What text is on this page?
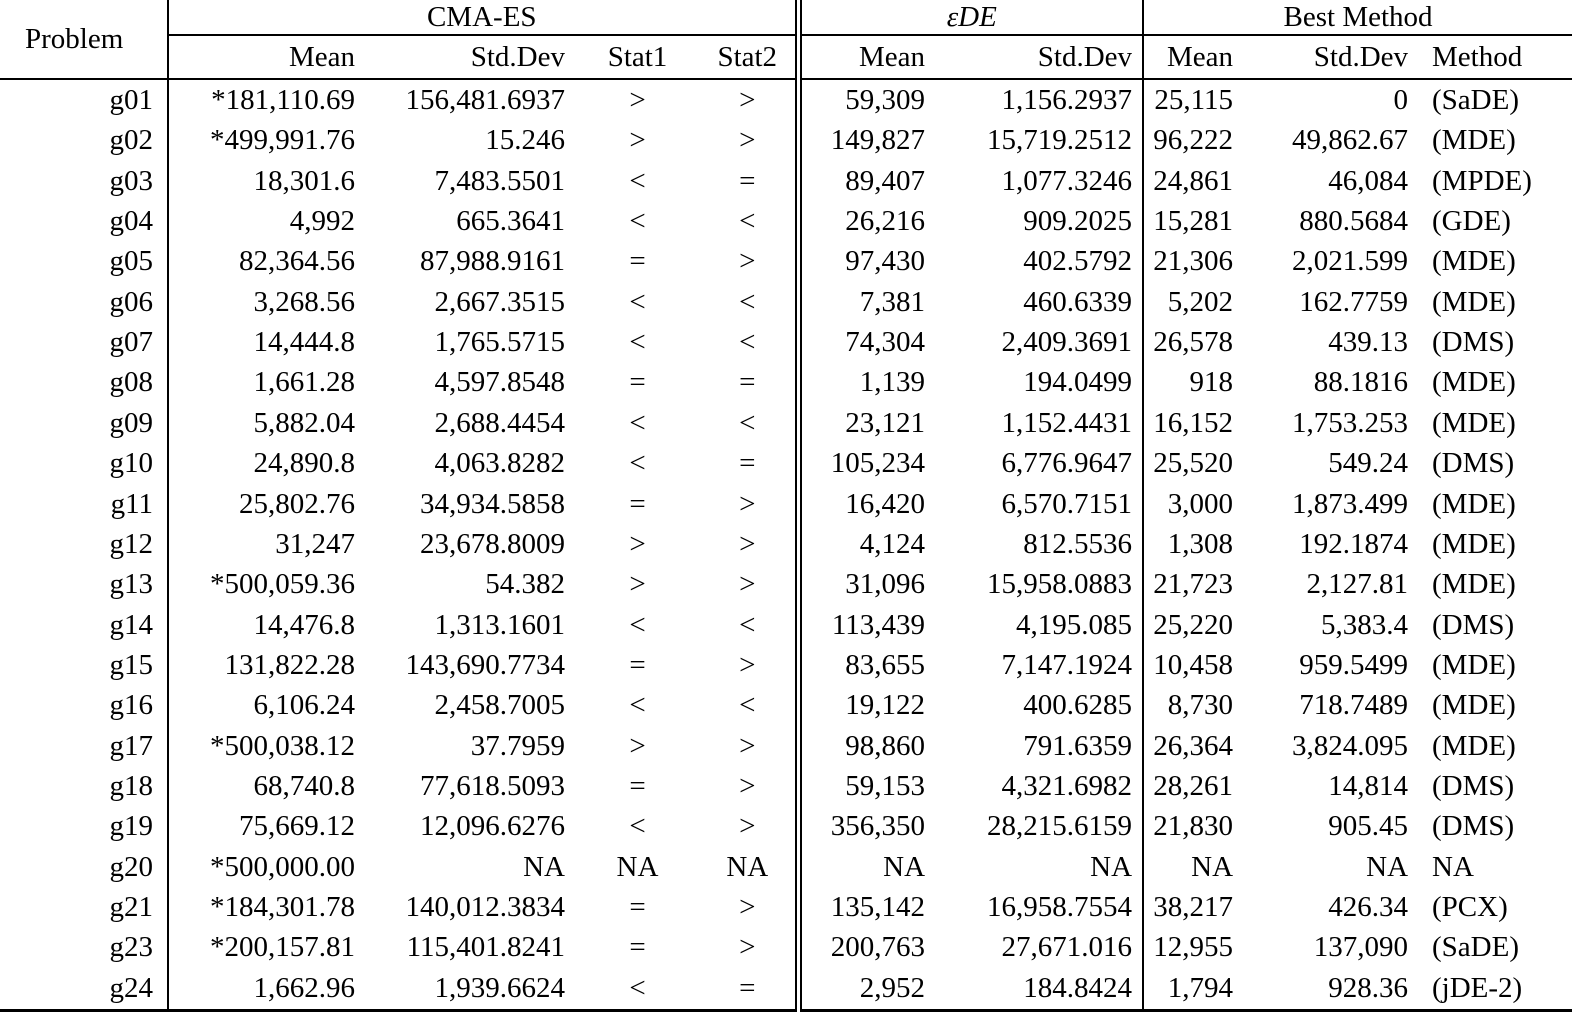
Problem	CMA-ES				εDE		Best Method		
	Mean	Std.Dev	Stat1	Stat2	Mean	Std.Dev	Mean	Std.Dev	Method
g01	*181,110.69	156,481.6937	>	>	59,309	1,156.2937	25,115	0	(SaDE)
g02	*499,991.76	15.246	>	>	149,827	15,719.2512	96,222	49,862.67	(MDE)
g03	18,301.6	7,483.5501	<	=	89,407	1,077.3246	24,861	46,084	(MPDE)
g04	4,992	665.3641	<	<	26,216	909.2025	15,281	880.5684	(GDE)
g05	82,364.56	87,988.9161	=	>	97,430	402.5792	21,306	2,021.599	(MDE)
g06	3,268.56	2,667.3515	<	<	7,381	460.6339	5,202	162.7759	(MDE)
g07	14,444.8	1,765.5715	<	<	74,304	2,409.3691	26,578	439.13	(DMS)
g08	1,661.28	4,597.8548	=	=	1,139	194.0499	918	88.1816	(MDE)
g09	5,882.04	2,688.4454	<	<	23,121	1,152.4431	16,152	1,753.253	(MDE)
g10	24,890.8	4,063.8282	<	=	105,234	6,776.9647	25,520	549.24	(DMS)
g11	25,802.76	34,934.5858	=	>	16,420	6,570.7151	3,000	1,873.499	(MDE)
g12	31,247	23,678.8009	>	>	4,124	812.5536	1,308	192.1874	(MDE)
g13	*500,059.36	54.382	>	>	31,096	15,958.0883	21,723	2,127.81	(MDE)
g14	14,476.8	1,313.1601	<	<	113,439	4,195.085	25,220	5,383.4	(DMS)
g15	131,822.28	143,690.7734	=	>	83,655	7,147.1924	10,458	959.5499	(MDE)
g16	6,106.24	2,458.7005	<	<	19,122	400.6285	8,730	718.7489	(MDE)
g17	*500,038.12	37.7959	>	>	98,860	791.6359	26,364	3,824.095	(MDE)
g18	68,740.8	77,618.5093	=	>	59,153	4,321.6982	28,261	14,814	(DMS)
g19	75,669.12	12,096.6276	<	>	356,350	28,215.6159	21,830	905.45	(DMS)
g20	*500,000.00	NA	NA	NA	NA	NA	NA	NA	NA
g21	*184,301.78	140,012.3834	=	>	135,142	16,958.7554	38,217	426.34	(PCX)
g23	*200,157.81	115,401.8241	=	>	200,763	27,671.016	12,955	137,090	(SaDE)
g24	1,662.96	1,939.6624	<	=	2,952	184.8424	1,794	928.36	(jDE-2)
